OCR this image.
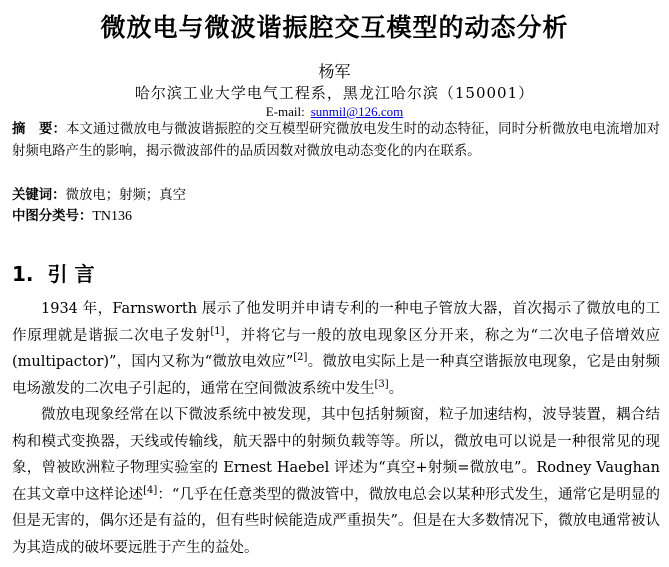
微放电与微波谐振腔交互模型的动态分析
杨军
哈尔滨工业大学电气工程系，黑龙江哈尔滨（150001）
E-mail: sunmil@126.com
摘　要：本文通过微放电与微波谐振腔的交互模型研究微放电发生时的动态特征，同时分析微放电电流增加对射频电路产生的影响，揭示微波部件的品质因数对微放电动态变化的内在联系。
关键词：微放电；射频；真空
中图分类号：TN136
1. 引 言

1934 年，Farnsworth 展示了他发明并申请专利的一种电子管放大器，首次揭示了微放电的工作原理就是谐振二次电子发射[1]，并将它与一般的放电现象区分开来，称之为“二次电子倍增效应(multipactor)”，国内又称为“微放电效应”[2]。微放电实际上是一种真空谐振放电现象，它是由射频电场激发的二次电子引起的，通常在空间微波系统中发生[3]。

微放电现象经常在以下微波系统中被发现，其中包括射频窗，粒子加速结构，波导装置，耦合结构和模式变换器，天线或传输线，航天器中的射频负载等等。所以，微放电可以说是一种很常见的现象，曾被欧洲粒子物理实验室的 Ernest Haebel 评述为“真空+射频=微放电”。Rodney Vaughan 在其文章中这样论述[4]：“几乎在任意类型的微波管中，微放电总会以某种形式发生，通常它是明显的但是无害的，偶尔还是有益的，但有些时候能造成严重损失”。但是在大多数情况下，微放电通常被认为其造成的破坏要远胜于产生的益处。
